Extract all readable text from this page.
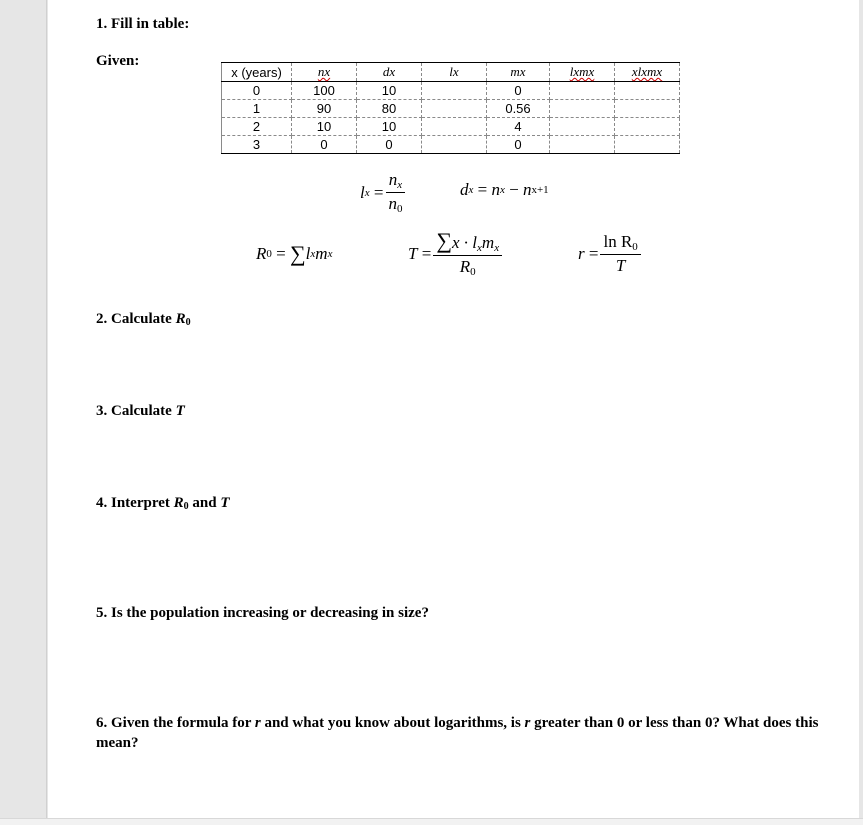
1. Fill in table:
Given:
x (years)	nx	dx	lx	mx	lxmx	xlxmx
0	100	10		0		
1	90	80		0.56		
2	10	10		4		
3	0	0		0		
l $x = \frac{n_x}{n_0}$	d x = n x − n x+1
R 0 = ∑ l x m x	$T = \frac{\sum x \cdot l_xm_x}{R_0}$	$r = \frac{\ln R_0}{T}$
2. Calculate $R_0$
3. Calculate T
4. Interpret $R_0$ and T
5. Is the population increasing or decreasing in size?
6. Given the formula for r and what you know about logarithms, is r greater than 0 or less than 0? What does this mean?
